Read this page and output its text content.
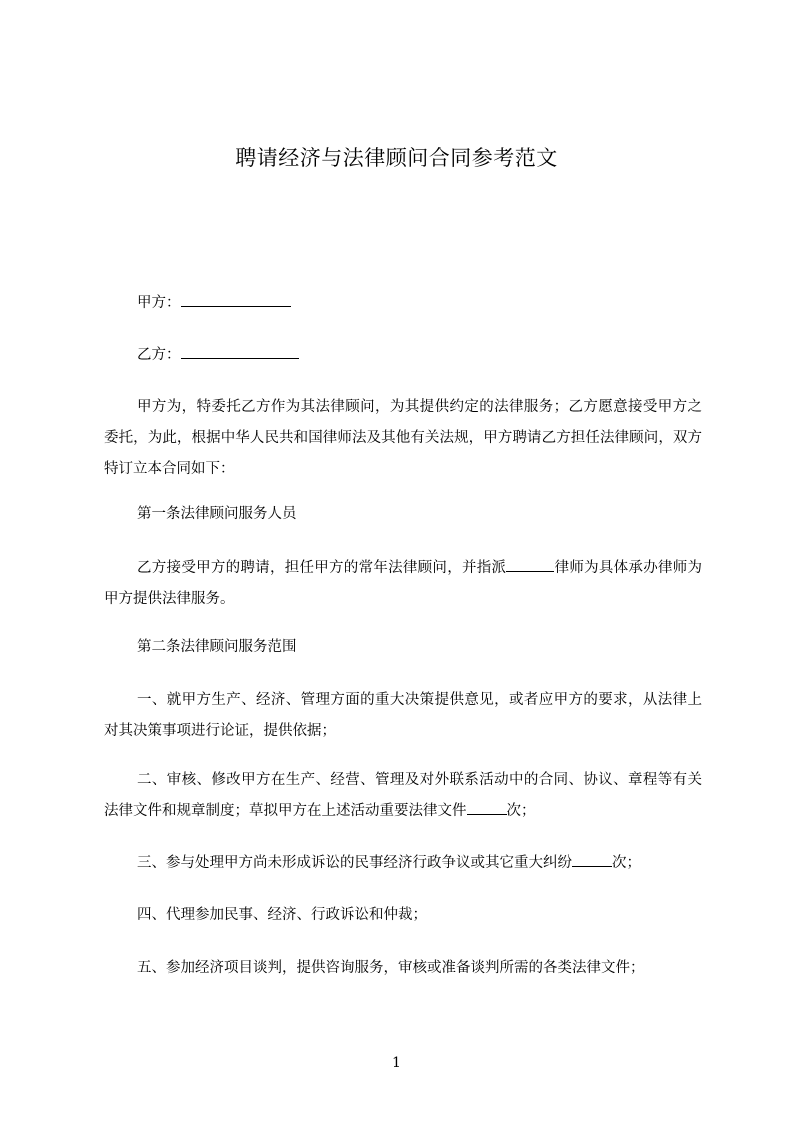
聘请经济与法律顾问合同参考范文
甲方：
乙方：
甲方为，特委托乙方作为其法律顾问，为其提供约定的法律服务；乙方愿意接受甲方之委托，为此，根据中华人民共和国律师法及其他有关法规，甲方聘请乙方担任法律顾问，双方特订立本合同如下：
第一条法律顾问服务人员
乙方接受甲方的聘请，担任甲方的常年法律顾问，并指派	律师为具体承办律师为甲方提供法律服务。
第二条法律顾问服务范围
一、就甲方生产、经济、管理方面的重大决策提供意见，或者应甲方的要求，从法律上对其决策事项进行论证，提供依据；
二、审核、修改甲方在生产、经营、管理及对外联系活动中的合同、协议、章程等有关法律文件和规章制度；草拟甲方在上述活动重要法律文件	次；
三、参与处理甲方尚未形成诉讼的民事经济行政争议或其它重大纠纷	次；
四、代理参加民事、经济、行政诉讼和仲裁；
五、参加经济项目谈判，提供咨询服务，审核或准备谈判所需的各类法律文件；
1
